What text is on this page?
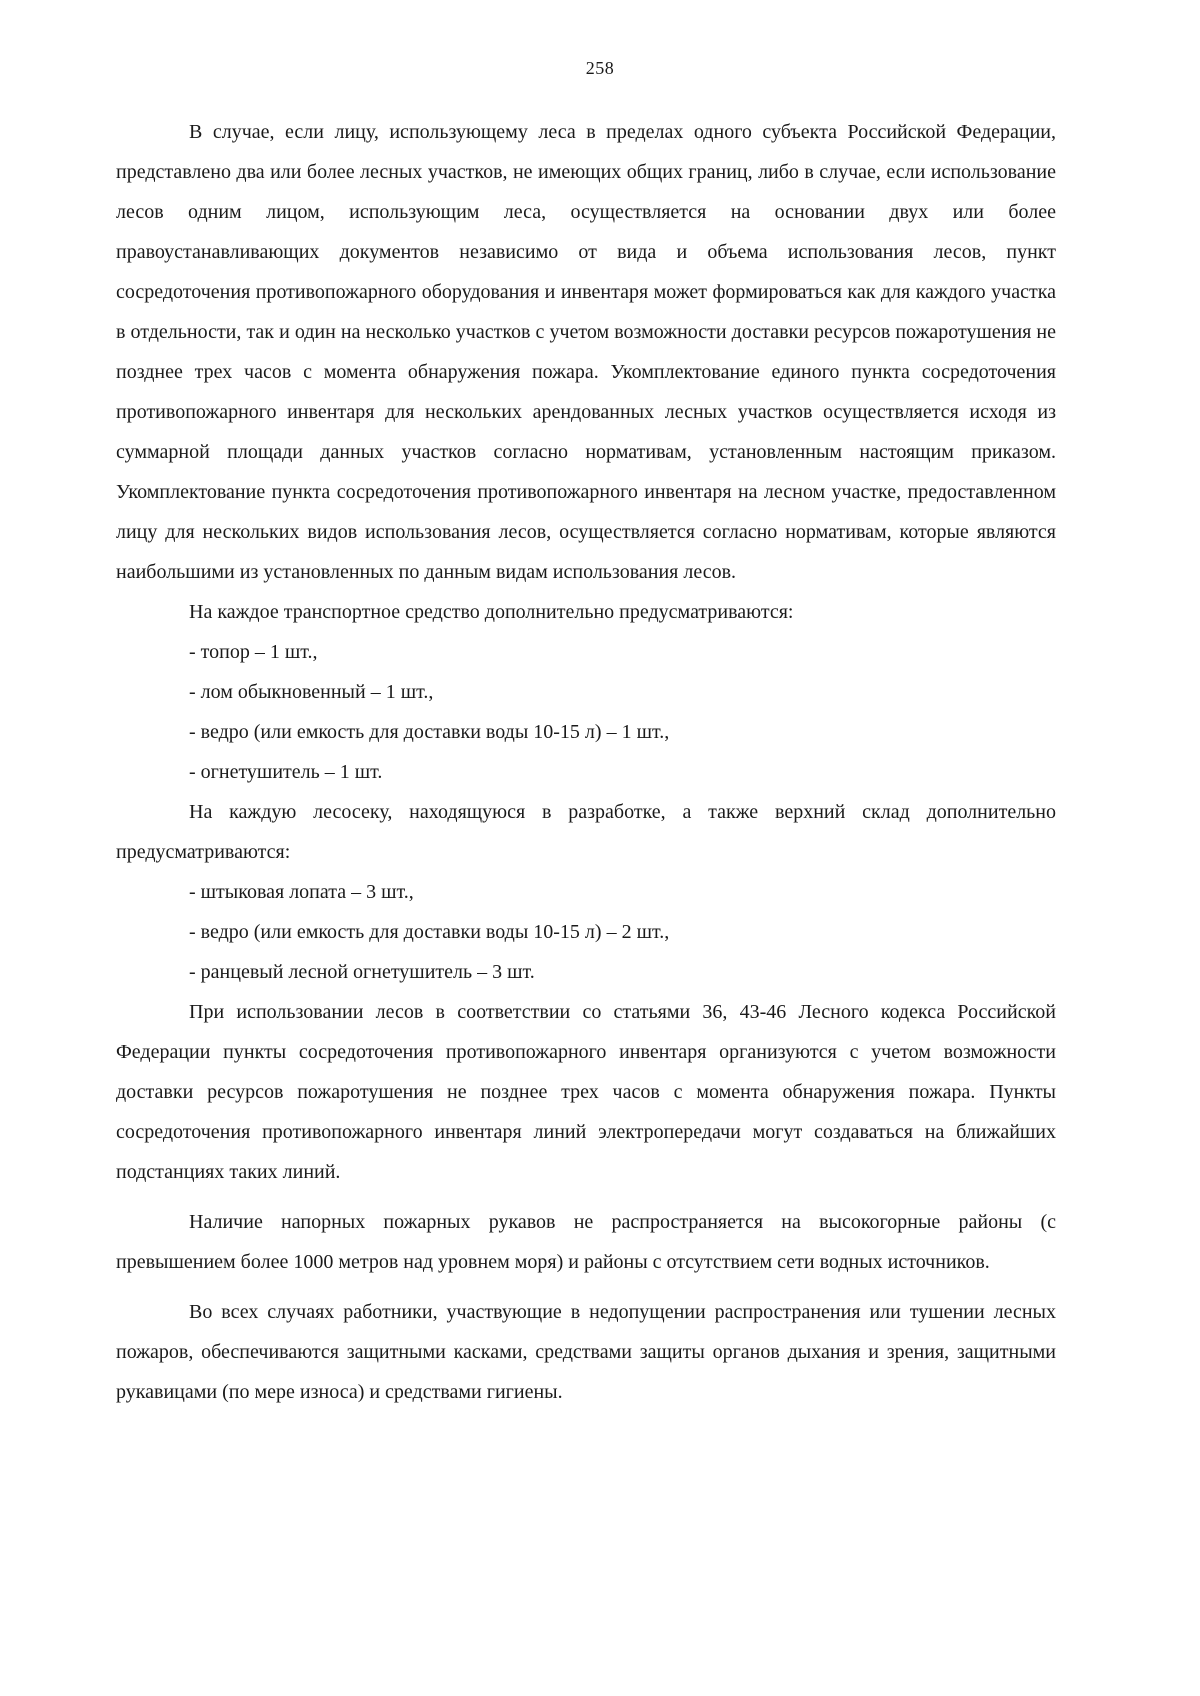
258

В случае, если лицу, использующему леса в пределах одного субъекта Российской Федерации, представлено два или более лесных участков, не имеющих общих границ, либо в случае, если использование лесов одним лицом, использующим леса, осуществляется на основании двух или более правоустанавливающих документов независимо от вида и объема использования лесов, пункт сосредоточения противопожарного оборудования и инвентаря может формироваться как для каждого участка в отдельности, так и один на несколько участков с учетом возможности доставки ресурсов пожаротушения не позднее трех часов с момента обнаружения пожара. Укомплектование единого пункта сосредоточения противопожарного инвентаря для нескольких арендованных лесных участков осуществляется исходя из суммарной площади данных участков согласно нормативам, установленным настоящим приказом. Укомплектование пункта сосредоточения противопожарного инвентаря на лесном участке, предоставленном лицу для нескольких видов использования лесов, осуществляется согласно нормативам, которые являются наибольшими из установленных по данным видам использования лесов.

На каждое транспортное средство дополнительно предусматриваются:

- топор – 1 шт.,

- лом обыкновенный – 1 шт.,

- ведро (или емкость для доставки воды 10-15 л) – 1 шт.,

- огнетушитель – 1 шт.

На каждую лесосеку, находящуюся в разработке, а также верхний склад дополнительно предусматриваются:

- штыковая лопата – 3 шт.,

- ведро (или емкость для доставки воды 10-15 л) – 2 шт.,

- ранцевый лесной огнетушитель – 3 шт.

При использовании лесов в соответствии со статьями 36, 43-46 Лесного кодекса Российской Федерации пункты сосредоточения противопожарного инвентаря организуются с учетом возможности доставки ресурсов пожаротушения не позднее трех часов с момента обнаружения пожара. Пункты сосредоточения противопожарного инвентаря линий электропередачи могут создаваться на ближайших подстанциях таких линий.

Наличие напорных пожарных рукавов не распространяется на высокогорные районы (с превышением более 1000 метров над уровнем моря) и районы с отсутствием сети водных источников.

Во всех случаях работники, участвующие в недопущении распространения или тушении лесных пожаров, обеспечиваются защитными касками, средствами защиты органов дыхания и зрения, защитными рукавицами (по мере износа) и средствами гигиены.
